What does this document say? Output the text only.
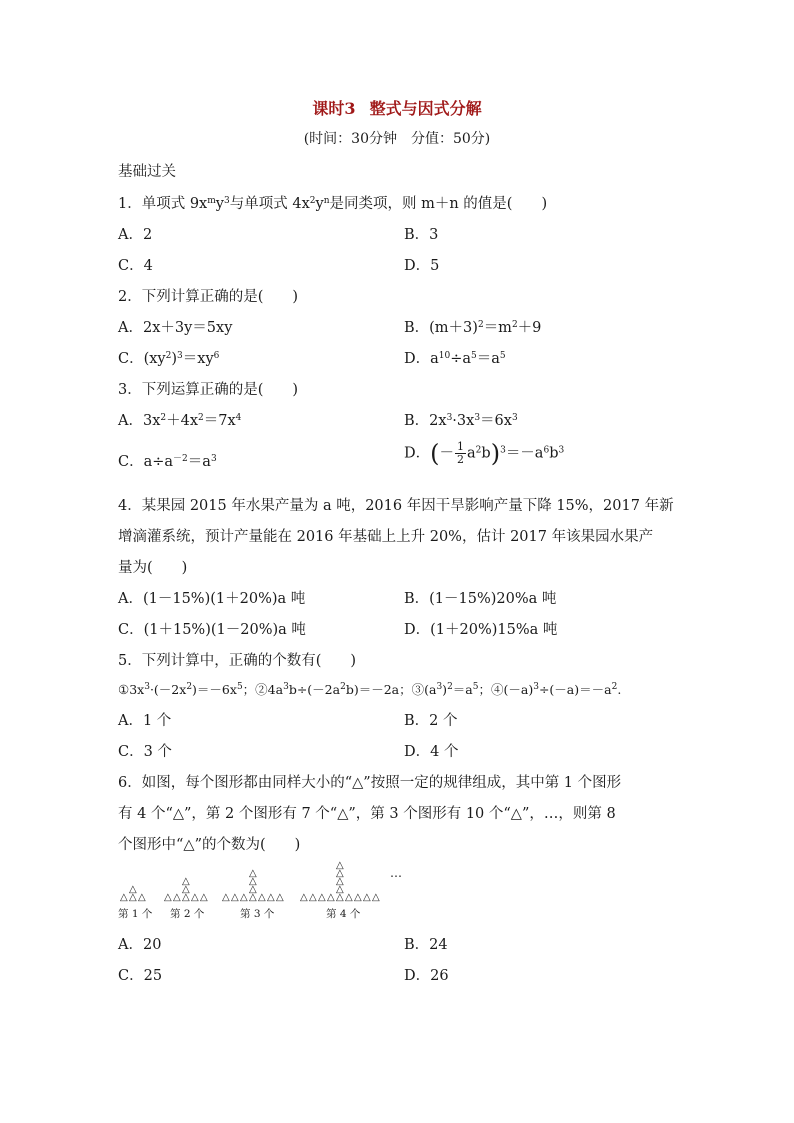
课时3 整式与因式分解
(时间：30分钟　分值：50分)
基础过关
1．单项式 $9x^my^3$与单项式 $4x^2y^n$是同类项，则 m＋n 的值是(　　)
A．2	B．3
C．4	D．5
2．下列计算正确的是(　　)
A．2x＋3y＝5xy	B．$(m+3)^2=m^2+9$
C．$(xy^2)^3=xy^6$	D．$a^{10}\div a^5=a^5$
3．下列运算正确的是(　　)
A．$3x^2+4x^2=7x^4$	B．$2x^3\cdot 3x^3=6x^3$
C．$a\div a^{-2}=a^3$	D．(－ $\frac{1}{2} a^2b)^3=-a^6b^3$
4．某果园 2015 年水果产量为 a 吨，2016 年因干旱影响产量下降 15%，2017 年新
增滴灌系统，预计产量能在 2016 年基础上上升 20%，估计 2017 年该果园水果产
量为(　　)
A．(1－15%)(1＋20%)a 吨	B．(1－15%)20%a 吨
C．(1＋15%)(1－20%)a 吨	D．(1＋20%)15%a 吨
5．下列计算中，正确的个数有(　　)
$①3x^3\cdot(-2x^2)=-6x^5$；$②4a^3b\div(-2a^2b)=-2a$；$③(a^3)^2=a^5$；$④(-a)^3\div(-a)=-a^2$.
A．1 个	B．2 个
C．3 个	D．4 个
6．如图，每个图形都由同样大小的“△”按照一定的规律组成，其中第 1 个图形
有 4 个“△”，第 2 个图形有 7 个“△”，第 3 个图形有 10 个“△”，…，则第 8
个图形中“△”的个数为(　　)
△ △ △
△
△ △ △ △ △
△
△
△ △ △ △ △ △ △
△
△
△
△ △ △ △ △ △ △ △ △
△
△
△
△
第 1 个 第 2 个	第 3 个	第 4 个
…
A．20	B．24
C．25	D．26
